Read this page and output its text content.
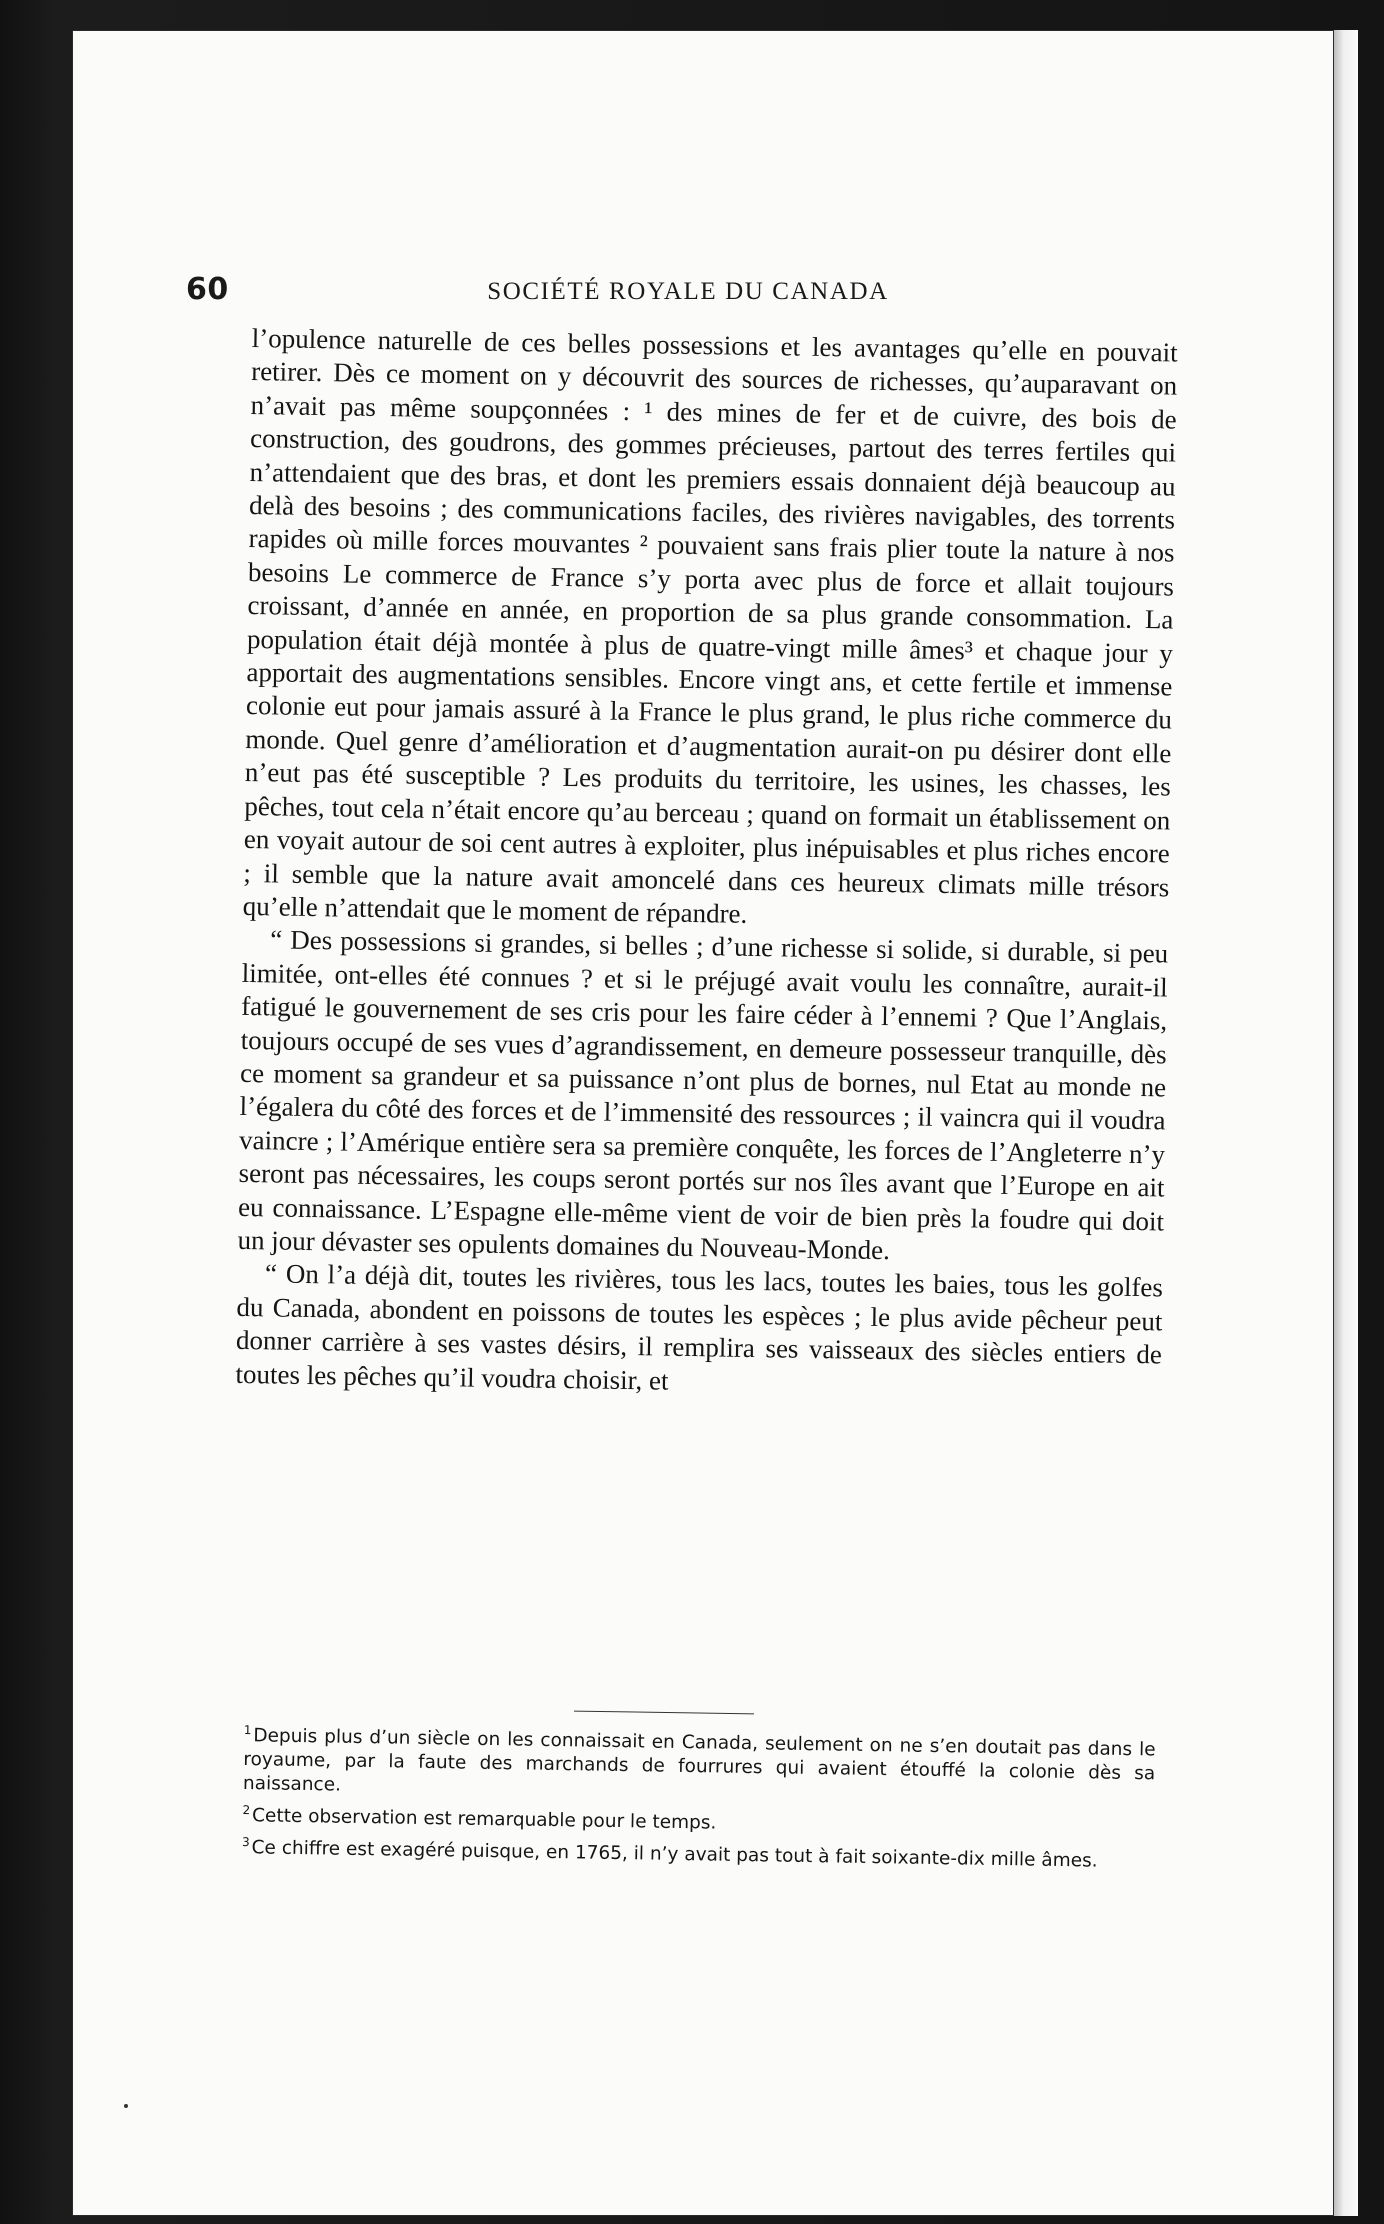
60	SOCIÉTÉ ROYALE DU CANADA

l’opulence naturelle de ces belles possessions et les avantages qu’elle en pouvait retirer. Dès ce moment on y découvrit des sources de richesses, qu’auparavant on n’avait pas même soupçonnées : ¹ des mines de fer et de cuivre, des bois de construction, des goudrons, des gommes précieuses, partout des terres fertiles qui n’attendaient que des bras, et dont les premiers essais donnaient déjà beaucoup au delà des besoins ; des communications faciles, des rivières navigables, des torrents rapides où mille forces mouvantes ² pouvaient sans frais plier toute la nature à nos besoins Le commerce de France s’y porta avec plus de force et allait toujours croissant, d’année en année, en proportion de sa plus grande consommation. La population était déjà montée à plus de quatre-vingt mille âmes³ et chaque jour y apportait des augmentations sensibles. Encore vingt ans, et cette fertile et immense colonie eut pour jamais assuré à la France le plus grand, le plus riche commerce du monde. Quel genre d’amélioration et d’augmentation aurait-on pu désirer dont elle n’eut pas été susceptible ? Les produits du territoire, les usines, les chasses, les pêches, tout cela n’était encore qu’au berceau ; quand on formait un établissement on en voyait autour de soi cent autres à exploiter, plus inépuisables et plus riches encore ; il semble que la nature avait amoncelé dans ces heureux climats mille trésors qu’elle n’attendait que le moment de répandre.

“ Des possessions si grandes, si belles ; d’une richesse si solide, si durable, si peu limitée, ont-elles été connues ? et si le préjugé avait voulu les connaître, aurait-il fatigué le gouvernement de ses cris pour les faire céder à l’ennemi ? Que l’Anglais, toujours occupé de ses vues d’agrandissement, en demeure possesseur tranquille, dès ce moment sa grandeur et sa puissance n’ont plus de bornes, nul Etat au monde ne l’égalera du côté des forces et de l’immensité des ressources ; il vaincra qui il voudra vaincre ; l’Amérique entière sera sa première conquête, les forces de l’Angleterre n’y seront pas nécessaires, les coups seront portés sur nos îles avant que l’Europe en ait eu connaissance. L’Espagne elle-même vient de voir de bien près la foudre qui doit un jour dévaster ses opulents domaines du Nouveau-Monde.

“ On l’a déjà dit, toutes les rivières, tous les lacs, toutes les baies, tous les golfes du Canada, abondent en poissons de toutes les espèces ; le plus avide pêcheur peut donner carrière à ses vastes désirs, il remplira ses vaisseaux des siècles entiers de toutes les pêches qu’il voudra choisir, et

$^1$Depuis plus d’un siècle on les connaissait en Canada, seulement on ne s’en doutait pas dans le royaume, par la faute des marchands de fourrures qui avaient étouffé la colonie dès sa naissance.

$^2$Cette observation est remarquable pour le temps.

$^3$Ce chiffre est exagéré puisque, en 1765, il n’y avait pas tout à fait soixante-dix mille âmes.
